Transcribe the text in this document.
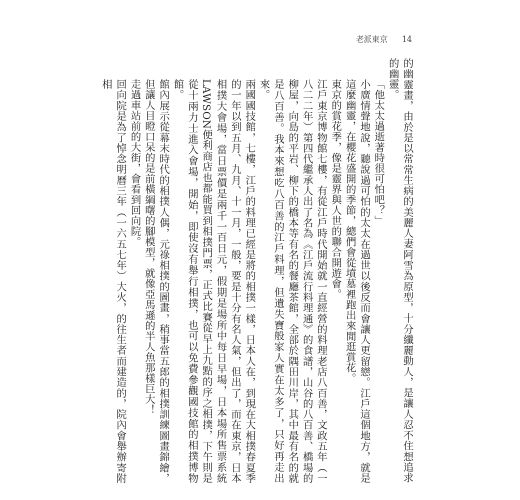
老派東京 14

的幽靈畫，由於是以常常生病的美麗人妻阿雪為原型，十分纖麗動人，是讓人忍不住想追求的幽靈。

「他太太過逝著時很可怕吧？」

小廣情聲地說，聽說過可怕的太太在過世以後反而會讓人更留戀。江戶這個地方，就是這麼幽靈，在櫻花盛開的季節，總們會從墳墓裡跑出來閒逛賞花。

東京的賞花季，像是靈界與人世的聯合開遊會。

江戶東京博物館七樓，有從江戶時代開始就一直經營的料理老店八百善，文政五年（一八二二年）第四代繼承人出了名為《江戶流行料理通》的食譜，山谷的八百善、橋場的柳屋，向島的平岩、柳下的橋本等有名的餐廳茶館，全部於隅田川岸，其中最有名的就是八百善。我本來想吃八百善的江戶料理，但遺失寶般家人實在太多了，只好再走出來。

兩國國技館，七樓，江戶的料理已經是將的相撲一樣，日本人在，到現在大相撲春夏季的一年以到五月、九月、十一月，一般，要是十分有名人氣，但出了，而在東京，日本相撲大會場，當日票價是兩千一百日元，假期是場所中每日早場，日本場所售票系統LAWSON便利商店也都能買到相撲門票，正式比賽從早上九點的序之相撲，下午則是從十兩力士進入會場，開始，即使沒有舉行相撲，也可以免費參觀國技館的相撲博物館。

館內展示從幕末時代的相撲人偶，元祿相撲的圖畫，稍事當五郎的相撲訓練圖畫錦繪，但讓人目瞪口呆的是前橫綱曙的腳模型，就像亞馬遜的半人魚那樣巨大！

走過車站前的大街，會看到回向院。

回向院是為了悼念明曆三年（一六五七年）大火，的往生者而建造的，院內會舉辦寄附相
